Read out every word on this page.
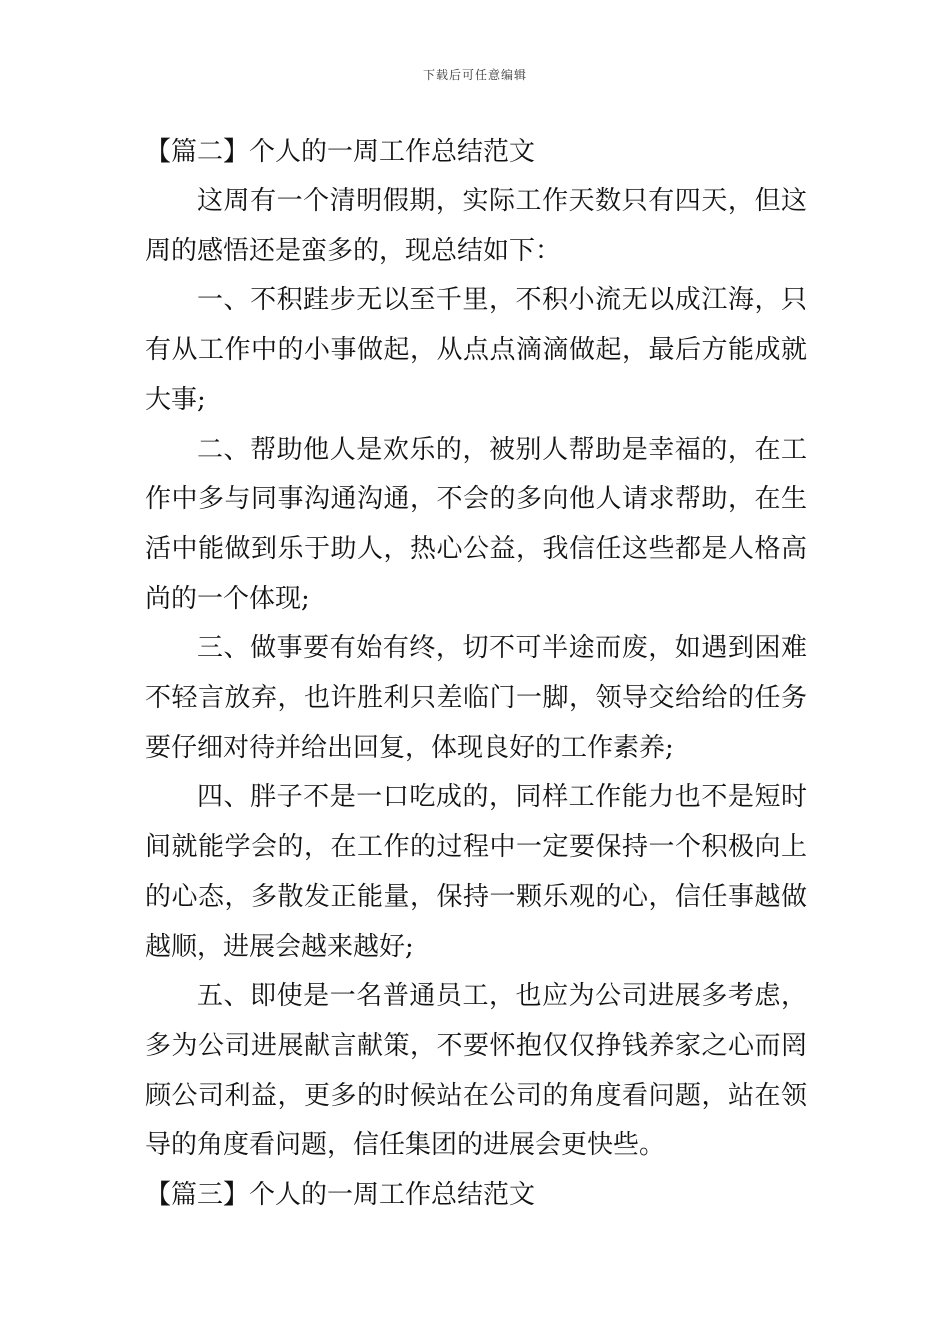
下载后可任意编辑
【篇二】个人的一周工作总结范文

这周有一个清明假期，实际工作天数只有四天，但这周的感悟还是蛮多的，现总结如下：

一、不积跬步无以至千里，不积小流无以成江海，只有从工作中的小事做起，从点点滴滴做起，最后方能成就大事;

二、帮助他人是欢乐的，被别人帮助是幸福的，在工作中多与同事沟通沟通，不会的多向他人请求帮助，在生活中能做到乐于助人，热心公益，我信任这些都是人格高尚的一个体现;

三、做事要有始有终，切不可半途而废，如遇到困难不轻言放弃，也许胜利只差临门一脚，领导交给给的任务要仔细对待并给出回复，体现良好的工作素养;

四、胖子不是一口吃成的，同样工作能力也不是短时间就能学会的，在工作的过程中一定要保持一个积极向上的心态，多散发正能量，保持一颗乐观的心，信任事越做越顺，进展会越来越好;

五、即使是一名普通员工，也应为公司进展多考虑，多为公司进展献言献策，不要怀抱仅仅挣钱养家之心而罔顾公司利益，更多的时候站在公司的角度看问题，站在领导的角度看问题，信任集团的进展会更快些。

【篇三】个人的一周工作总结范文
